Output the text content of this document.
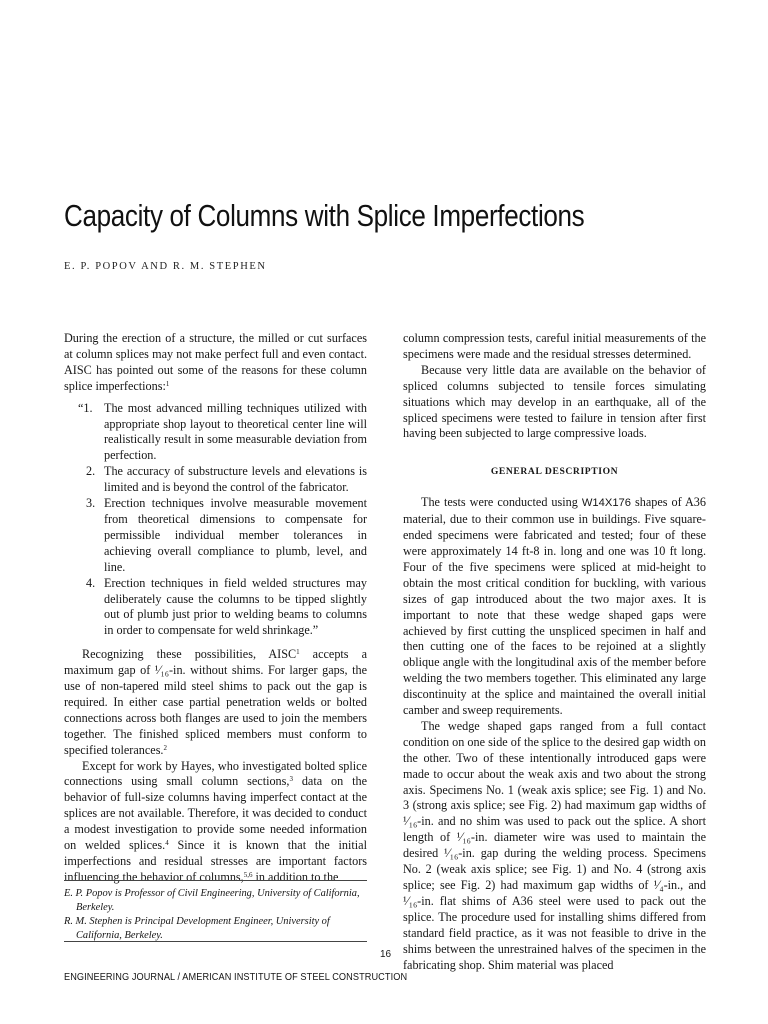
Capacity of Columns with Splice Imperfections
E. P. POPOV AND R. M. STEPHEN

During the erection of a structure, the milled or cut surfaces at column splices may not make perfect full and even contact. AISC has pointed out some of the reasons for these column splice imperfections:$^1$

“1. The most advanced milling techniques utilized with appropriate shop layout to theoretical center line will realistically result in some measurable deviation from perfection.
2. The accuracy of substructure levels and elevations is limited and is beyond the control of the fabricator.
3. Erection techniques involve measurable movement from theoretical dimensions to compensate for permissible individual member tolerances in achieving overall compliance to plumb, level, and line.
4. Erection techniques in field welded structures may deliberately cause the columns to be tipped slightly out of plumb just prior to welding beams to columns in order to compensate for weld shrinkage.”

Recognizing these possibilities, AISC$^1$ accepts a maximum gap of ¹⁄₁₆-in. without shims. For larger gaps, the use of non-tapered mild steel shims to pack out the gap is required. In either case partial penetration welds or bolted connections across both flanges are used to join the members together. The finished spliced members must conform to specified tolerances.$^2$

Except for work by Hayes, who investigated bolted splice connections using small column sections,$^3$ data on the behavior of full-size columns having imperfect contact at the splices are not available. Therefore, it was decided to conduct a modest investigation to provide some needed information on welded splices.$^4$ Since it is known that the initial imperfections and residual stresses are important factors influencing the behavior of columns,$^{5,6}$ in addition to the

E. P. Popov is Professor of Civil Engineering, University of California, Berkeley.

R. M. Stephen is Principal Development Engineer, University of California, Berkeley.

column compression tests, careful initial measurements of the specimens were made and the residual stresses determined.

Because very little data are available on the behavior of spliced columns subjected to tensile forces simulating situations which may develop in an earthquake, all of the spliced specimens were tested to failure in tension after first having been subjected to large compressive loads.

GENERAL DESCRIPTION

The tests were conducted using W14X176 shapes of A36 material, due to their common use in buildings. Five square-ended specimens were fabricated and tested; four of these were approximately 14 ft-8 in. long and one was 10 ft long. Four of the five specimens were spliced at mid-height to obtain the most critical condition for buckling, with various sizes of gap introduced about the two major axes. It is important to note that these wedge shaped gaps were achieved by first cutting the unspliced specimen in half and then cutting one of the faces to be rejoined at a slightly oblique angle with the longitudinal axis of the member before welding the two members together. This eliminated any large discontinuity at the splice and maintained the overall initial camber and sweep requirements.

The wedge shaped gaps ranged from a full contact condition on one side of the splice to the desired gap width on the other. Two of these intentionally introduced gaps were made to occur about the weak axis and two about the strong axis. Specimens No. 1 (weak axis splice; see Fig. 1) and No. 3 (strong axis splice; see Fig. 2) had maximum gap widths of ¹⁄₁₆-in. and no shim was used to pack out the splice. A short length of ¹⁄₁₆-in. diameter wire was used to maintain the desired ¹⁄₁₆-in. gap during the welding process. Specimens No. 2 (weak axis splice; see Fig. 1) and No. 4 (strong axis splice; see Fig. 2) had maximum gap widths of ¹⁄₄-in., and ¹⁄₁₆-in. flat shims of A36 steel were used to pack out the splice. The procedure used for installing shims differed from standard field practice, as it was not feasible to drive in the shims between the unrestrained halves of the specimen in the fabricating shop. Shim material was placed

16
ENGINEERING JOURNAL / AMERICAN INSTITUTE OF STEEL CONSTRUCTION
